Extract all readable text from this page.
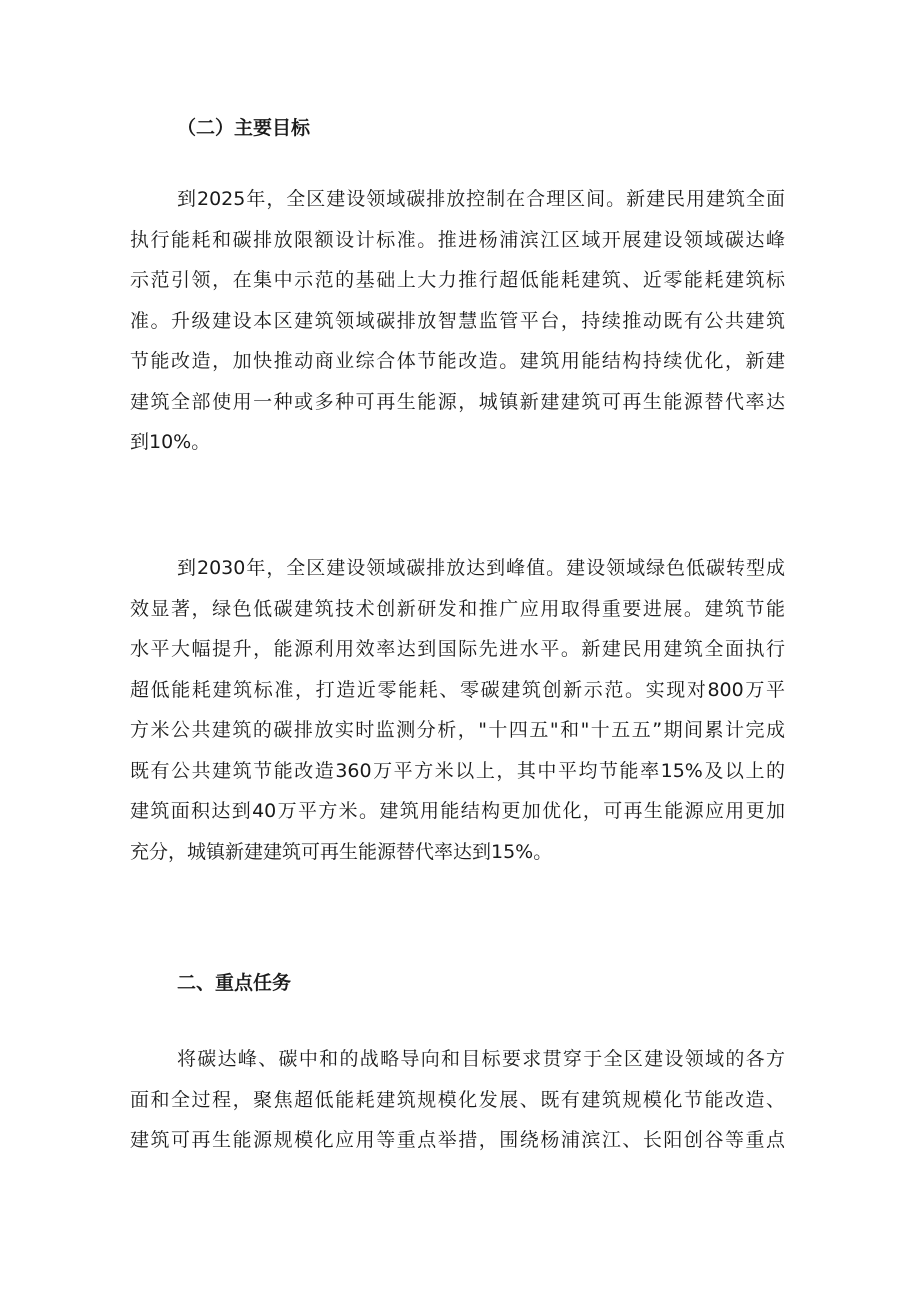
（二）主要目标
到2025年，全区建设领域碳排放控制在合理区间。新建民用建筑全面
执行能耗和碳排放限额设计标准。推进杨浦滨江区域开展建设领域碳达峰
示范引领，在集中示范的基础上大力推行超低能耗建筑、近零能耗建筑标
准。升级建设本区建筑领域碳排放智慧监管平台，持续推动既有公共建筑
节能改造，加快推动商业综合体节能改造。建筑用能结构持续优化，新建
建筑全部使用一种或多种可再生能源，城镇新建建筑可再生能源替代率达
到10%。
到2030年，全区建设领域碳排放达到峰值。建设领域绿色低碳转型成
效显著，绿色低碳建筑技术创新研发和推广应用取得重要进展。建筑节能
水平大幅提升，能源利用效率达到国际先进水平。新建民用建筑全面执行
超低能耗建筑标准，打造近零能耗、零碳建筑创新示范。实现对800万平
方米公共建筑的碳排放实时监测分析，"十四五"和"十五五”期间累计完成
既有公共建筑节能改造360万平方米以上，其中平均节能率15%及以上的
建筑面积达到40万平方米。建筑用能结构更加优化，可再生能源应用更加
充分，城镇新建建筑可再生能源替代率达到15%。
二、重点任务
将碳达峰、碳中和的战略导向和目标要求贯穿于全区建设领域的各方
面和全过程，聚焦超低能耗建筑规模化发展、既有建筑规模化节能改造、
建筑可再生能源规模化应用等重点举措，围绕杨浦滨江、长阳创谷等重点
